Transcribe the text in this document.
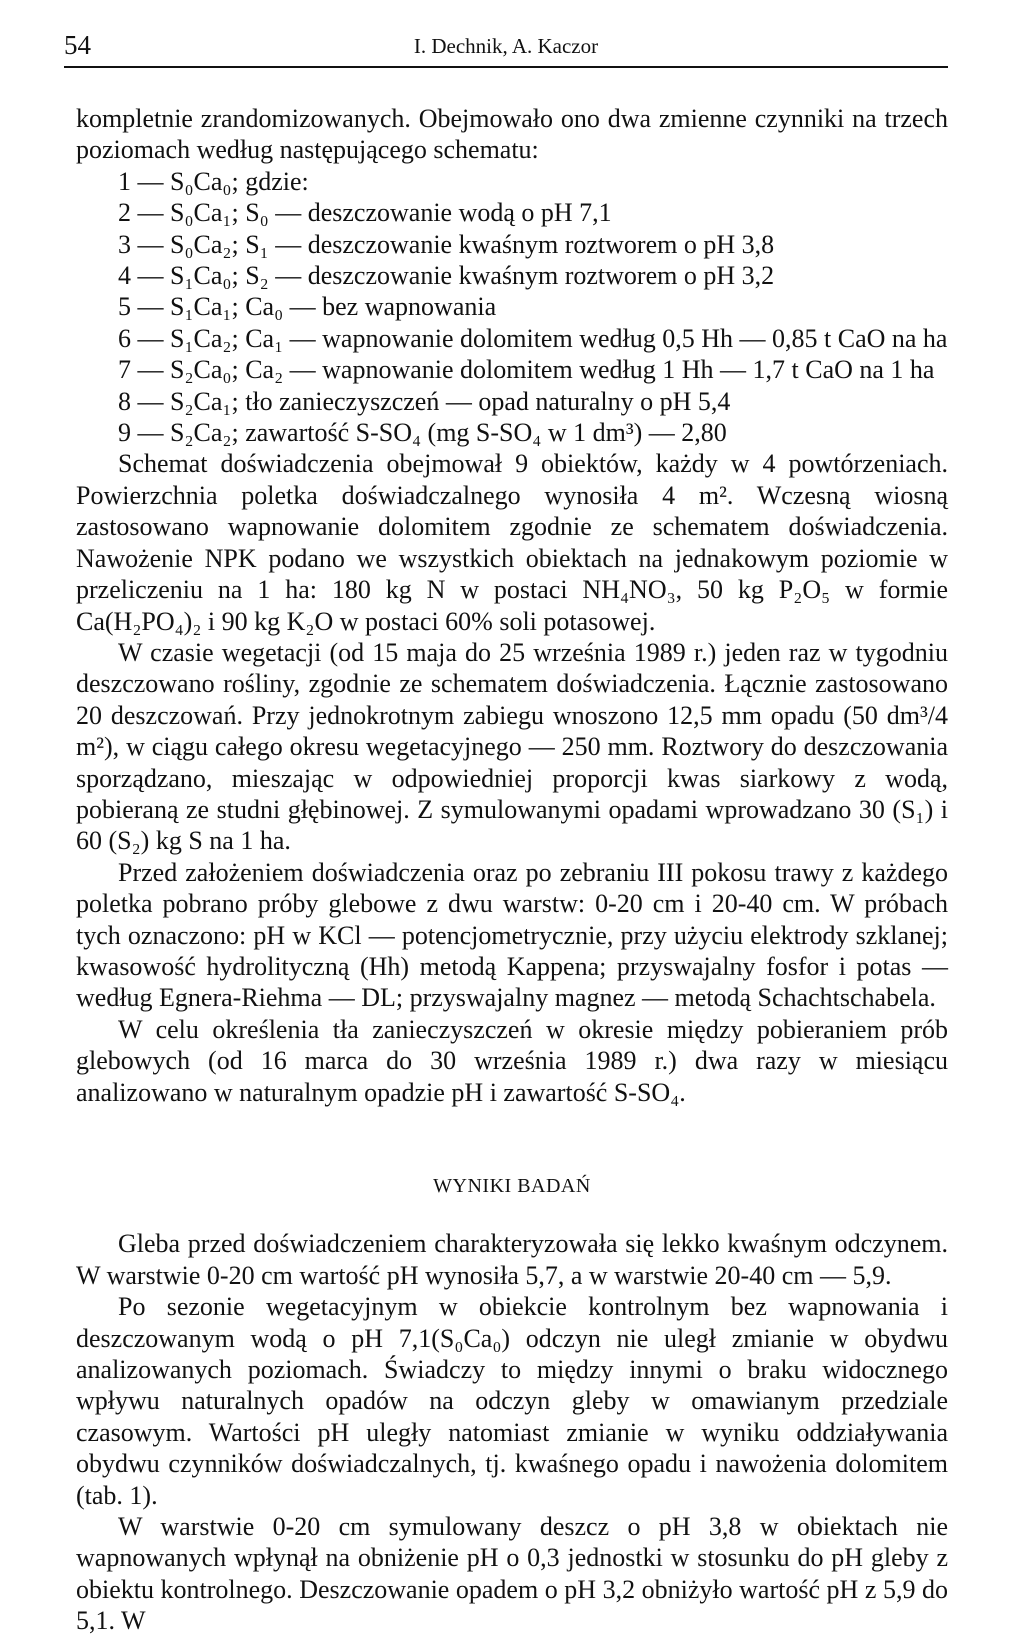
54	I. Dechnik, A. Kaczor

kompletnie zrandomizowanych. Obejmowało ono dwa zmienne czynniki na trzech poziomach według następującego schematu:

1 — S₀Ca₀; gdzie:
2 — S₀Ca₁; S₀ — deszczowanie wodą o pH 7,1
3 — S₀Ca₂; S₁ — deszczowanie kwaśnym roztworem o pH 3,8
4 — S₁Ca₀; S₂ — deszczowanie kwaśnym roztworem o pH 3,2
5 — S₁Ca₁; Ca₀ — bez wapnowania
6 — S₁Ca₂; Ca₁ — wapnowanie dolomitem według 0,5 Hh — 0,85 t CaO na ha
7 — S₂Ca₀; Ca₂ — wapnowanie dolomitem według 1 Hh — 1,7 t CaO na 1 ha
8 — S₂Ca₁; tło zanieczyszczeń — opad naturalny o pH 5,4
9 — S₂Ca₂; zawartość S-SO₄ (mg S-SO₄ w 1 dm³) — 2,80

Schemat doświadczenia obejmował 9 obiektów, każdy w 4 powtórzeniach. Powierzchnia poletka doświadczalnego wynosiła 4 m². Wczesną wiosną zastosowano wapnowanie dolomitem zgodnie ze schematem doświadczenia. Nawożenie NPK podano we wszystkich obiektach na jednakowym poziomie w przeliczeniu na 1 ha: 180 kg N w postaci NH₄NO₃, 50 kg P₂O₅ w formie Ca(H₂PO₄)₂ i 90 kg K₂O w postaci 60% soli potasowej.

W czasie wegetacji (od 15 maja do 25 września 1989 r.) jeden raz w tygodniu deszczowano rośliny, zgodnie ze schematem doświadczenia. Łącznie zastosowano 20 deszczowań. Przy jednokrotnym zabiegu wnoszono 12,5 mm opadu (50 dm³/4 m²), w ciągu całego okresu wegetacyjnego — 250 mm. Roztwory do deszczowania sporządzano, mieszając w odpowiedniej proporcji kwas siarkowy z wodą, pobieraną ze studni głębinowej. Z symulowanymi opadami wprowadzano 30 (S₁) i 60 (S₂) kg S na 1 ha.

Przed założeniem doświadczenia oraz po zebraniu III pokosu trawy z każdego poletka pobrano próby glebowe z dwu warstw: 0-20 cm i 20-40 cm. W próbach tych oznaczono: pH w KCl — potencjometrycznie, przy użyciu elektrody szklanej; kwasowość hydrolityczną (Hh) metodą Kappena; przyswajalny fosfor i potas — według Egnera-Riehma — DL; przyswajalny magnez — metodą Schachtschabela.

W celu określenia tła zanieczyszczeń w okresie między pobieraniem prób glebowych (od 16 marca do 30 września 1989 r.) dwa razy w miesiącu analizowano w naturalnym opadzie pH i zawartość S-SO₄.

WYNIKI BADAŃ

Gleba przed doświadczeniem charakteryzowała się lekko kwaśnym odczynem. W warstwie 0-20 cm wartość pH wynosiła 5,7, a w warstwie 20-40 cm — 5,9.

Po sezonie wegetacyjnym w obiekcie kontrolnym bez wapnowania i deszczowanym wodą o pH 7,1(S₀Ca₀) odczyn nie uległ zmianie w obydwu analizowanych poziomach. Świadczy to między innymi o braku widocznego wpływu naturalnych opadów na odczyn gleby w omawianym przedziale czasowym. Wartości pH uległy natomiast zmianie w wyniku oddziaływania obydwu czynników doświadczalnych, tj. kwaśnego opadu i nawożenia dolomitem (tab. 1).

W warstwie 0-20 cm symulowany deszcz o pH 3,8 w obiektach nie wapnowanych wpłynął na obniżenie pH o 0,3 jednostki w stosunku do pH gleby z obiektu kontrolnego. Deszczowanie opadem o pH 3,2 obniżyło wartość pH z 5,9 do 5,1. W
